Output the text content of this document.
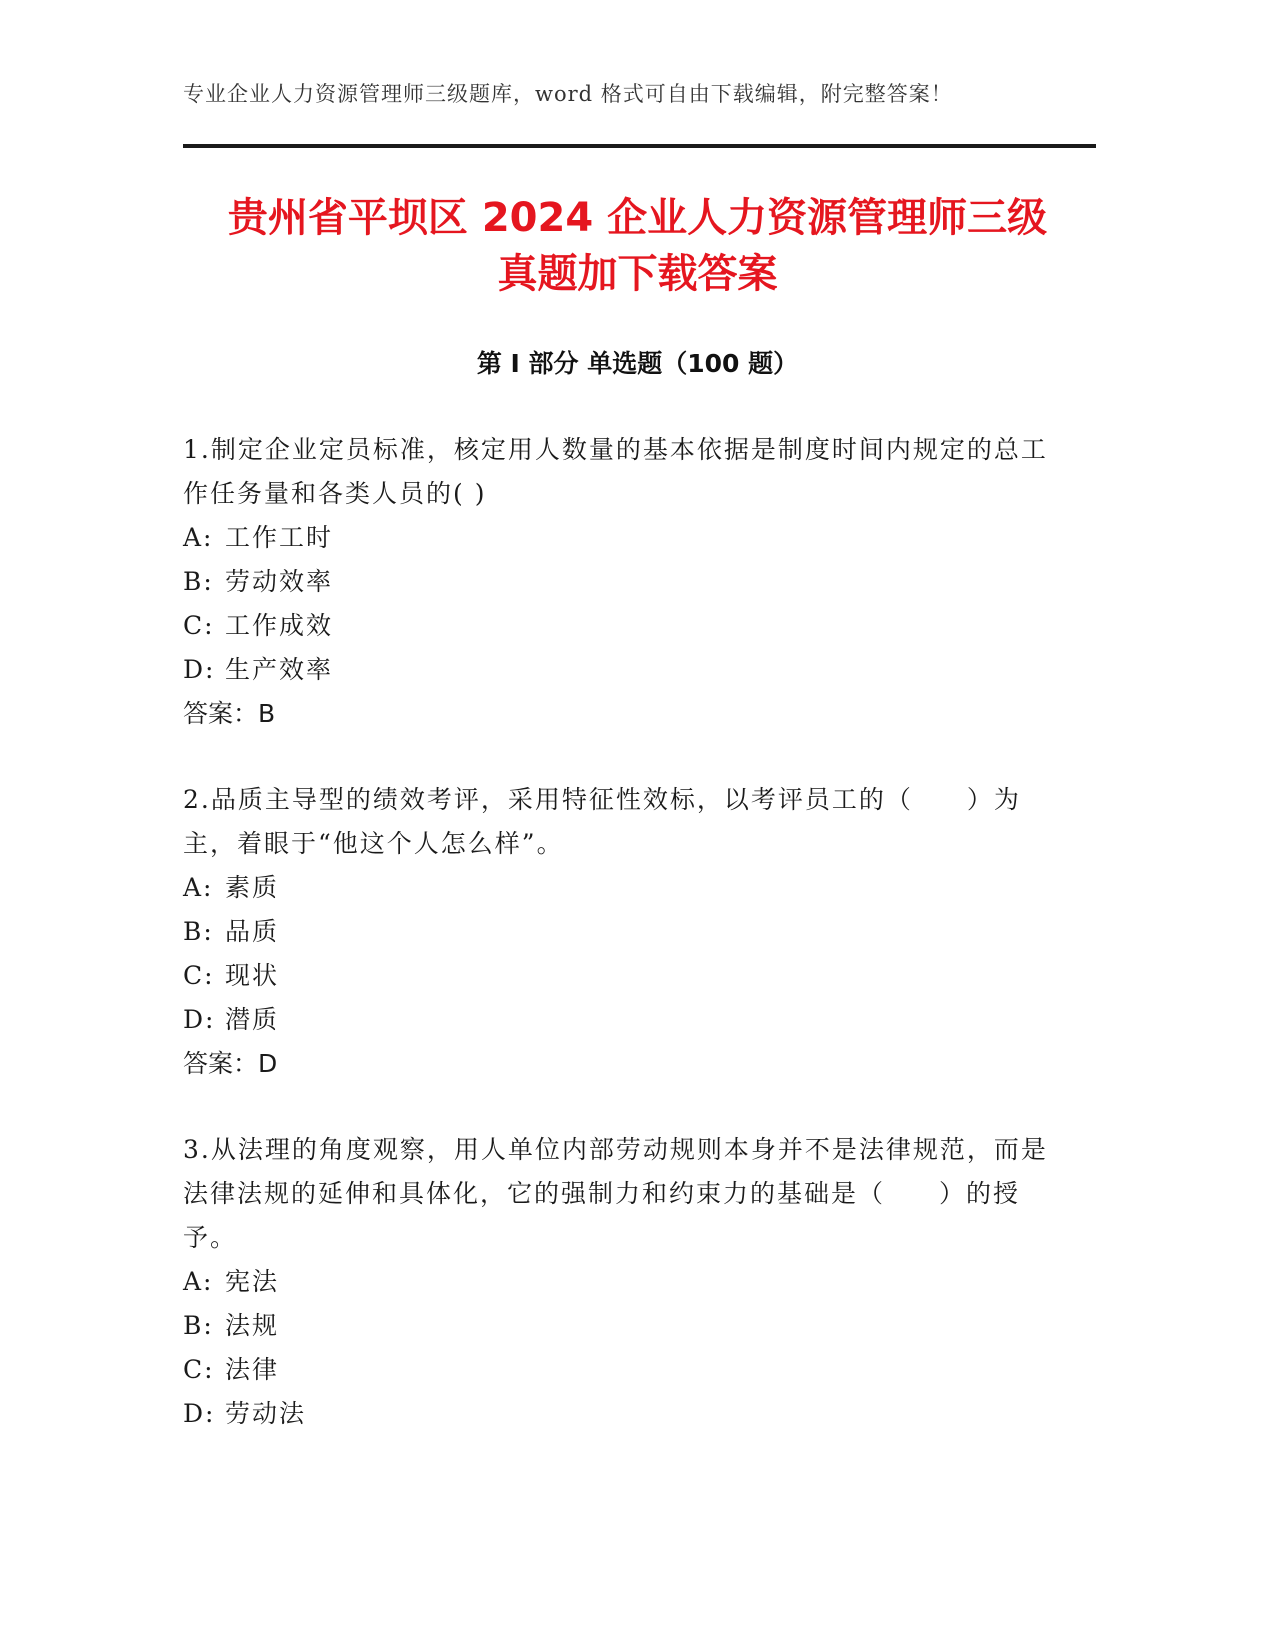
专业企业人力资源管理师三级题库，word 格式可自由下载编辑，附完整答案！
贵州省平坝区 2024 企业人力资源管理师三级
真题加下载答案
第 I 部分 单选题（100 题）

1.制定企业定员标准，核定用人数量的基本依据是制度时间内规定的总工作任务量和各类人员的( )

A: 工作工时

B: 劳动效率

C: 工作成效

D: 生产效率

答案：B

2.品质主导型的绩效考评，采用特征性效标，以考评员工的（　　）为主，着眼于“他这个人怎么样”。

A: 素质

B: 品质

C: 现状

D: 潜质

答案：D

3.从法理的角度观察，用人单位内部劳动规则本身并不是法律规范，而是法律法规的延伸和具体化，它的强制力和约束力的基础是（　　）的授予。

A: 宪法

B: 法规

C: 法律

D: 劳动法
